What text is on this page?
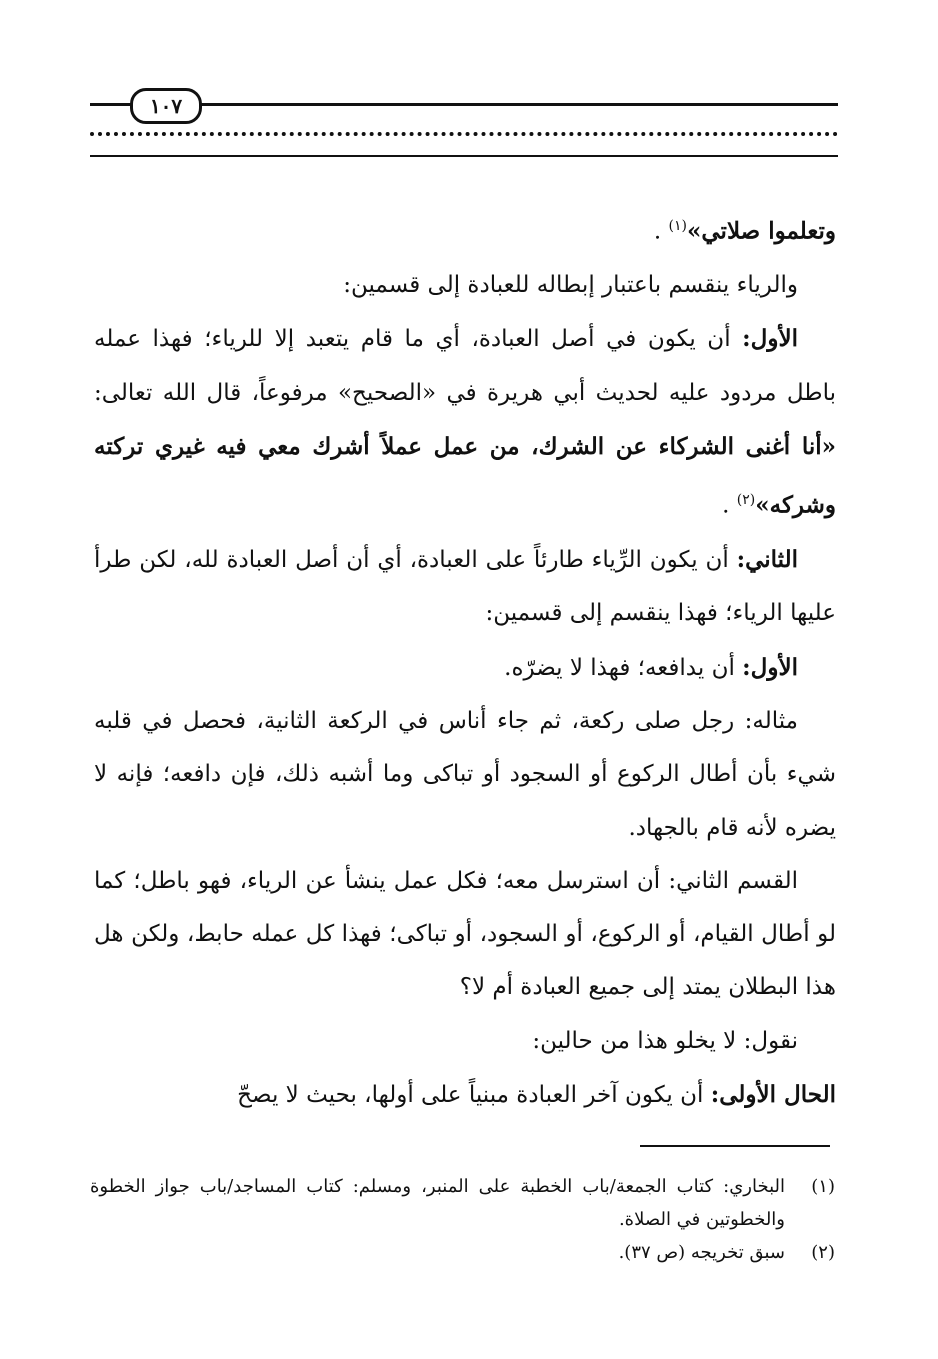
١٠٧

وتعلموا صلاتي»$^{(١)}$ .

والرياء ينقسم باعتبار إبطاله للعبادة إلى قسمين:

الأول: أن يكون في أصل العبادة، أي ما قام يتعبد إلا للرياء؛ فهذا عمله باطل مردود عليه لحديث أبي هريرة في «الصحيح» مرفوعاً، قال الله تعالى: «أنا أغنى الشركاء عن الشرك، من عمل عملاً أشرك معي فيه غيري تركته وشركه»$^{(٢)}$ .

الثاني: أن يكون الرِّياء طارئاً على العبادة، أي أن أصل العبادة لله، لكن طرأ عليها الرياء؛ فهذا ينقسم إلى قسمين:

الأول: أن يدافعه؛ فهذا لا يضرّه.

مثاله: رجل صلى ركعة، ثم جاء أناس في الركعة الثانية، فحصل في قلبه شيء بأن أطال الركوع أو السجود أو تباكى وما أشبه ذلك، فإن دافعه؛ فإنه لا يضره لأنه قام بالجهاد.

القسم الثاني: أن استرسل معه؛ فكل عمل ينشأ عن الرياء، فهو باطل؛ كما لو أطال القيام، أو الركوع، أو السجود، أو تباكى؛ فهذا كل عمله حابط، ولكن هل هذا البطلان يمتد إلى جميع العبادة أم لا؟

نقول: لا يخلو هذا من حالين:

الحال الأولى: أن يكون آخر العبادة مبنياً على أولها، بحيث لا يصحّ

(١)
البخاري: كتاب الجمعة/باب الخطبة على المنبر، ومسلم: كتاب المساجد/باب جواز الخطوة والخطوتين في الصلاة.
(٢)
سبق تخريجه (ص ٣٧).
